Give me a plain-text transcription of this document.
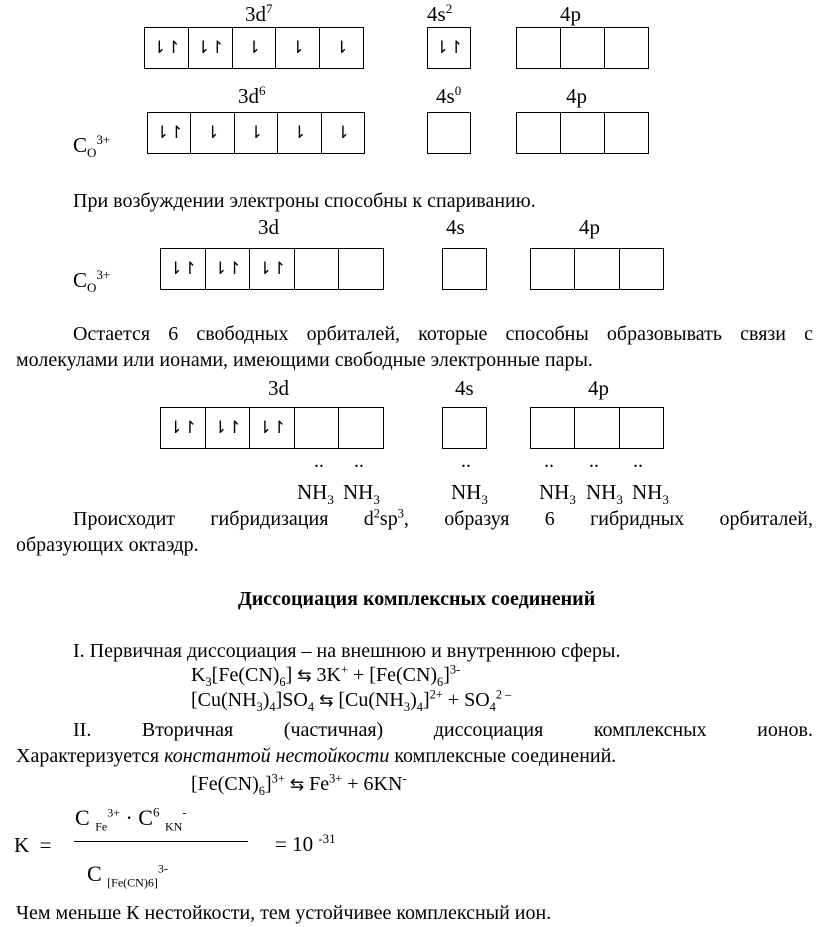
$3d^7$	$4s^2$	4p
⇂↾ ⇂↾	⇂	⇂	⇂	⇂↾
$3d^6$	$4s^0$	4p
$C_O^{3+}$	⇂↾	⇂	⇂	⇂	⇂
При возбуждении электроны способны к спариванию.
3d	4s	4p
$C_O^{3+}$	⇂↾ ⇂↾ ⇂↾
Остается 6 свободных орбиталей, которые способны образовывать связи с
молекулами или ионами, имеющими свободные электронные пары.
3d	4s	4p
⇂↾ ⇂↾ ⇂↾
.. ..	..	.. .. ..
$NH_3$ $NH_3$	$NH_3$ $NH_3$ $NH_3$ $NH_3$
Происходит гибридизация $d^2sp^3$, образуя 6 гибридных орбиталей,
образующих октаэдр.
Диссоциация комплексных соединений
I. Первичная диссоциация – на внешнюю и внутреннюю сферы.
$K_3[Fe(CN)_6]$ ⇆ $3K^+ + [Fe(CN)_6]^{3-}$
$[Cu(NH_3)_4]SO_4$ ⇆ $[Cu(NH_3)_4]^{2+} + SO_4^{2 -}$
II. Вторичная (частичная) диссоциация комплексных ионов.
Характеризуется константой нестойкости комплексные соединений.
$[Fe(CN)_6]^{3+}$ ⇆ $Fe^{3+} + 6KN^-$
C $_{Fe}^{3+} \cdot C^6$ $_{KN}$-
K =	= 10 $^{-31}$
C $_{[Fe(CN)6]}^{3-}$
Чем меньше К нестойкости, тем устойчивее комплексный ион.
